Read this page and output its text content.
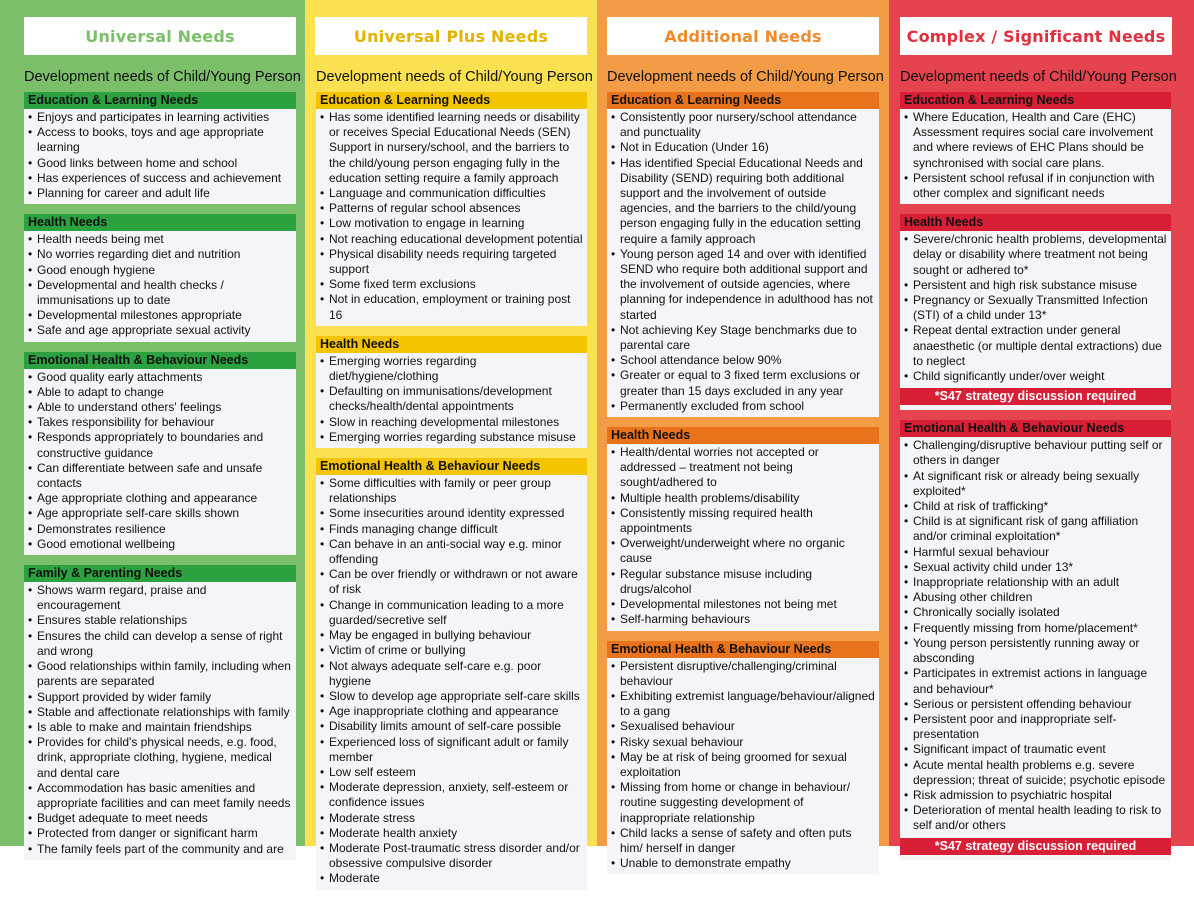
Universal Needs
Development needs of Child/Young Person
Education & Learning Needs
• Enjoys and participates in learning activities
• Access to books, toys and age appropriate learning
• Good links between home and school
• Has experiences of success and achievement
• Planning for career and adult life
Health Needs
• Health needs being met
• No worries regarding diet and nutrition
• Good enough hygiene
• Developmental and health checks / immunisations up to date
• Developmental milestones appropriate
• Safe and age appropriate sexual activity
Emotional Health & Behaviour Needs
• Good quality early attachments
• Able to adapt to change
• Able to understand others' feelings
• Takes responsibility for behaviour
• Responds appropriately to boundaries and constructive guidance
• Can differentiate between safe and unsafe contacts
• Age appropriate clothing and appearance
• Age appropriate self-care skills shown
• Demonstrates resilience
• Good emotional wellbeing
Family & Parenting Needs
• Shows warm regard, praise and encouragement
• Ensures stable relationships
• Ensures the child can develop a sense of right and wrong
• Good relationships within family, including when parents are separated
• Support provided by wider family
• Stable and affectionate relationships with family
• Is able to make and maintain friendships
• Provides for child's physical needs, e.g. food, drink, appropriate clothing, hygiene, medical and dental care
• Accommodation has basic amenities and appropriate facilities and can meet family needs
• Budget adequate to meet needs
• Protected from danger or significant harm
• The family feels part of the community and are
Universal Plus Needs
Development needs of Child/Young Person
Education & Learning Needs
• Has some identified learning needs or disability or receives Special Educational Needs (SEN) Support in nursery/school, and the barriers to the child/young person engaging fully in the education setting require a family approach
• Language and communication difficulties
• Patterns of regular school absences
• Low motivation to engage in learning
• Not reaching educational development potential
• Physical disability needs requiring targeted support
• Some fixed term exclusions
• Not in education, employment or training post 16
Health Needs
• Emerging worries regarding diet/hygiene/clothing
• Defaulting on immunisations/development checks/health/dental appointments
• Slow in reaching developmental milestones
• Emerging worries regarding substance misuse
Emotional Health & Behaviour Needs
• Some difficulties with family or peer group relationships
• Some insecurities around identity expressed
• Finds managing change difficult
• Can behave in an anti-social way e.g. minor offending
• Can be over friendly or withdrawn or not aware of risk
• Change in communication leading to a more guarded/secretive self
• May be engaged in bullying behaviour
• Victim of crime or bullying
• Not always adequate self-care e.g. poor hygiene
• Slow to develop age appropriate self-care skills
• Age inappropriate clothing and appearance
• Disability limits amount of self-care possible
• Experienced loss of significant adult or family member
• Low self esteem
• Moderate depression, anxiety, self-esteem or confidence issues
• Moderate stress
• Moderate health anxiety
• Moderate Post-traumatic stress disorder and/or obsessive compulsive disorder
• Moderate
Additional Needs
Development needs of Child/Young Person
Education & Learning Needs
• Consistently poor nursery/school attendance and punctuality
• Not in Education (Under 16)
• Has identified Special Educational Needs and Disability (SEND) requiring both additional support and the involvement of outside agencies, and the barriers to the child/young person engaging fully in the education setting require a family approach
• Young person aged 14 and over with identified SEND who require both additional support and the involvement of outside agencies, where planning for independence in adulthood has not started
• Not achieving Key Stage benchmarks due to parental care
• School attendance below 90%
• Greater or equal to 3 fixed term exclusions or greater than 15 days excluded in any year
• Permanently excluded from school
Health Needs
• Health/dental worries not accepted or addressed – treatment not being sought/adhered to
• Multiple health problems/disability
• Consistently missing required health appointments
• Overweight/underweight where no organic cause
• Regular substance misuse including drugs/alcohol
• Developmental milestones not being met
• Self-harming behaviours
Emotional Health & Behaviour Needs
• Persistent disruptive/challenging/criminal behaviour
• Exhibiting extremist language/behaviour/aligned to a gang
• Sexualised behaviour
• Risky sexual behaviour
• May be at risk of being groomed for sexual exploitation
• Missing from home or change in behaviour/ routine suggesting development of inappropriate relationship
• Child lacks a sense of safety and often puts him/ herself in danger
• Unable to demonstrate empathy
Complex / Significant Needs
Development needs of Child/Young Person
Education & Learning Needs
• Where Education, Health and Care (EHC) Assessment requires social care involvement and where reviews of EHC Plans should be synchronised with social care plans.
• Persistent school refusal if in conjunction with other complex and significant needs
Health Needs
• Severe/chronic health problems, developmental delay or disability where treatment not being sought or adhered to*
• Persistent and high risk substance misuse
• Pregnancy or Sexually Transmitted Infection (STI) of a child under 13*
• Repeat dental extraction under general anaesthetic (or multiple dental extractions) due to neglect
• Child significantly under/over weight
*S47 strategy discussion required
Emotional Health & Behaviour Needs
• Challenging/disruptive behaviour putting self or others in danger
• At significant risk or already being sexually exploited*
• Child at risk of trafficking*
• Child is at significant risk of gang affiliation and/or criminal exploitation*
• Harmful sexual behaviour
• Sexual activity child under 13*
• Inappropriate relationship with an adult
• Abusing other children
• Chronically socially isolated
• Frequently missing from home/placement*
• Young person persistently running away or absconding
• Participates in extremist actions in language and behaviour*
• Serious or persistent offending behaviour
• Persistent poor and inappropriate self-presentation
• Significant impact of traumatic event
• Acute mental health problems e.g. severe depression; threat of suicide; psychotic episode
• Risk admission to psychiatric hospital
• Deterioration of mental health leading to risk to self and/or others
*S47 strategy discussion required
